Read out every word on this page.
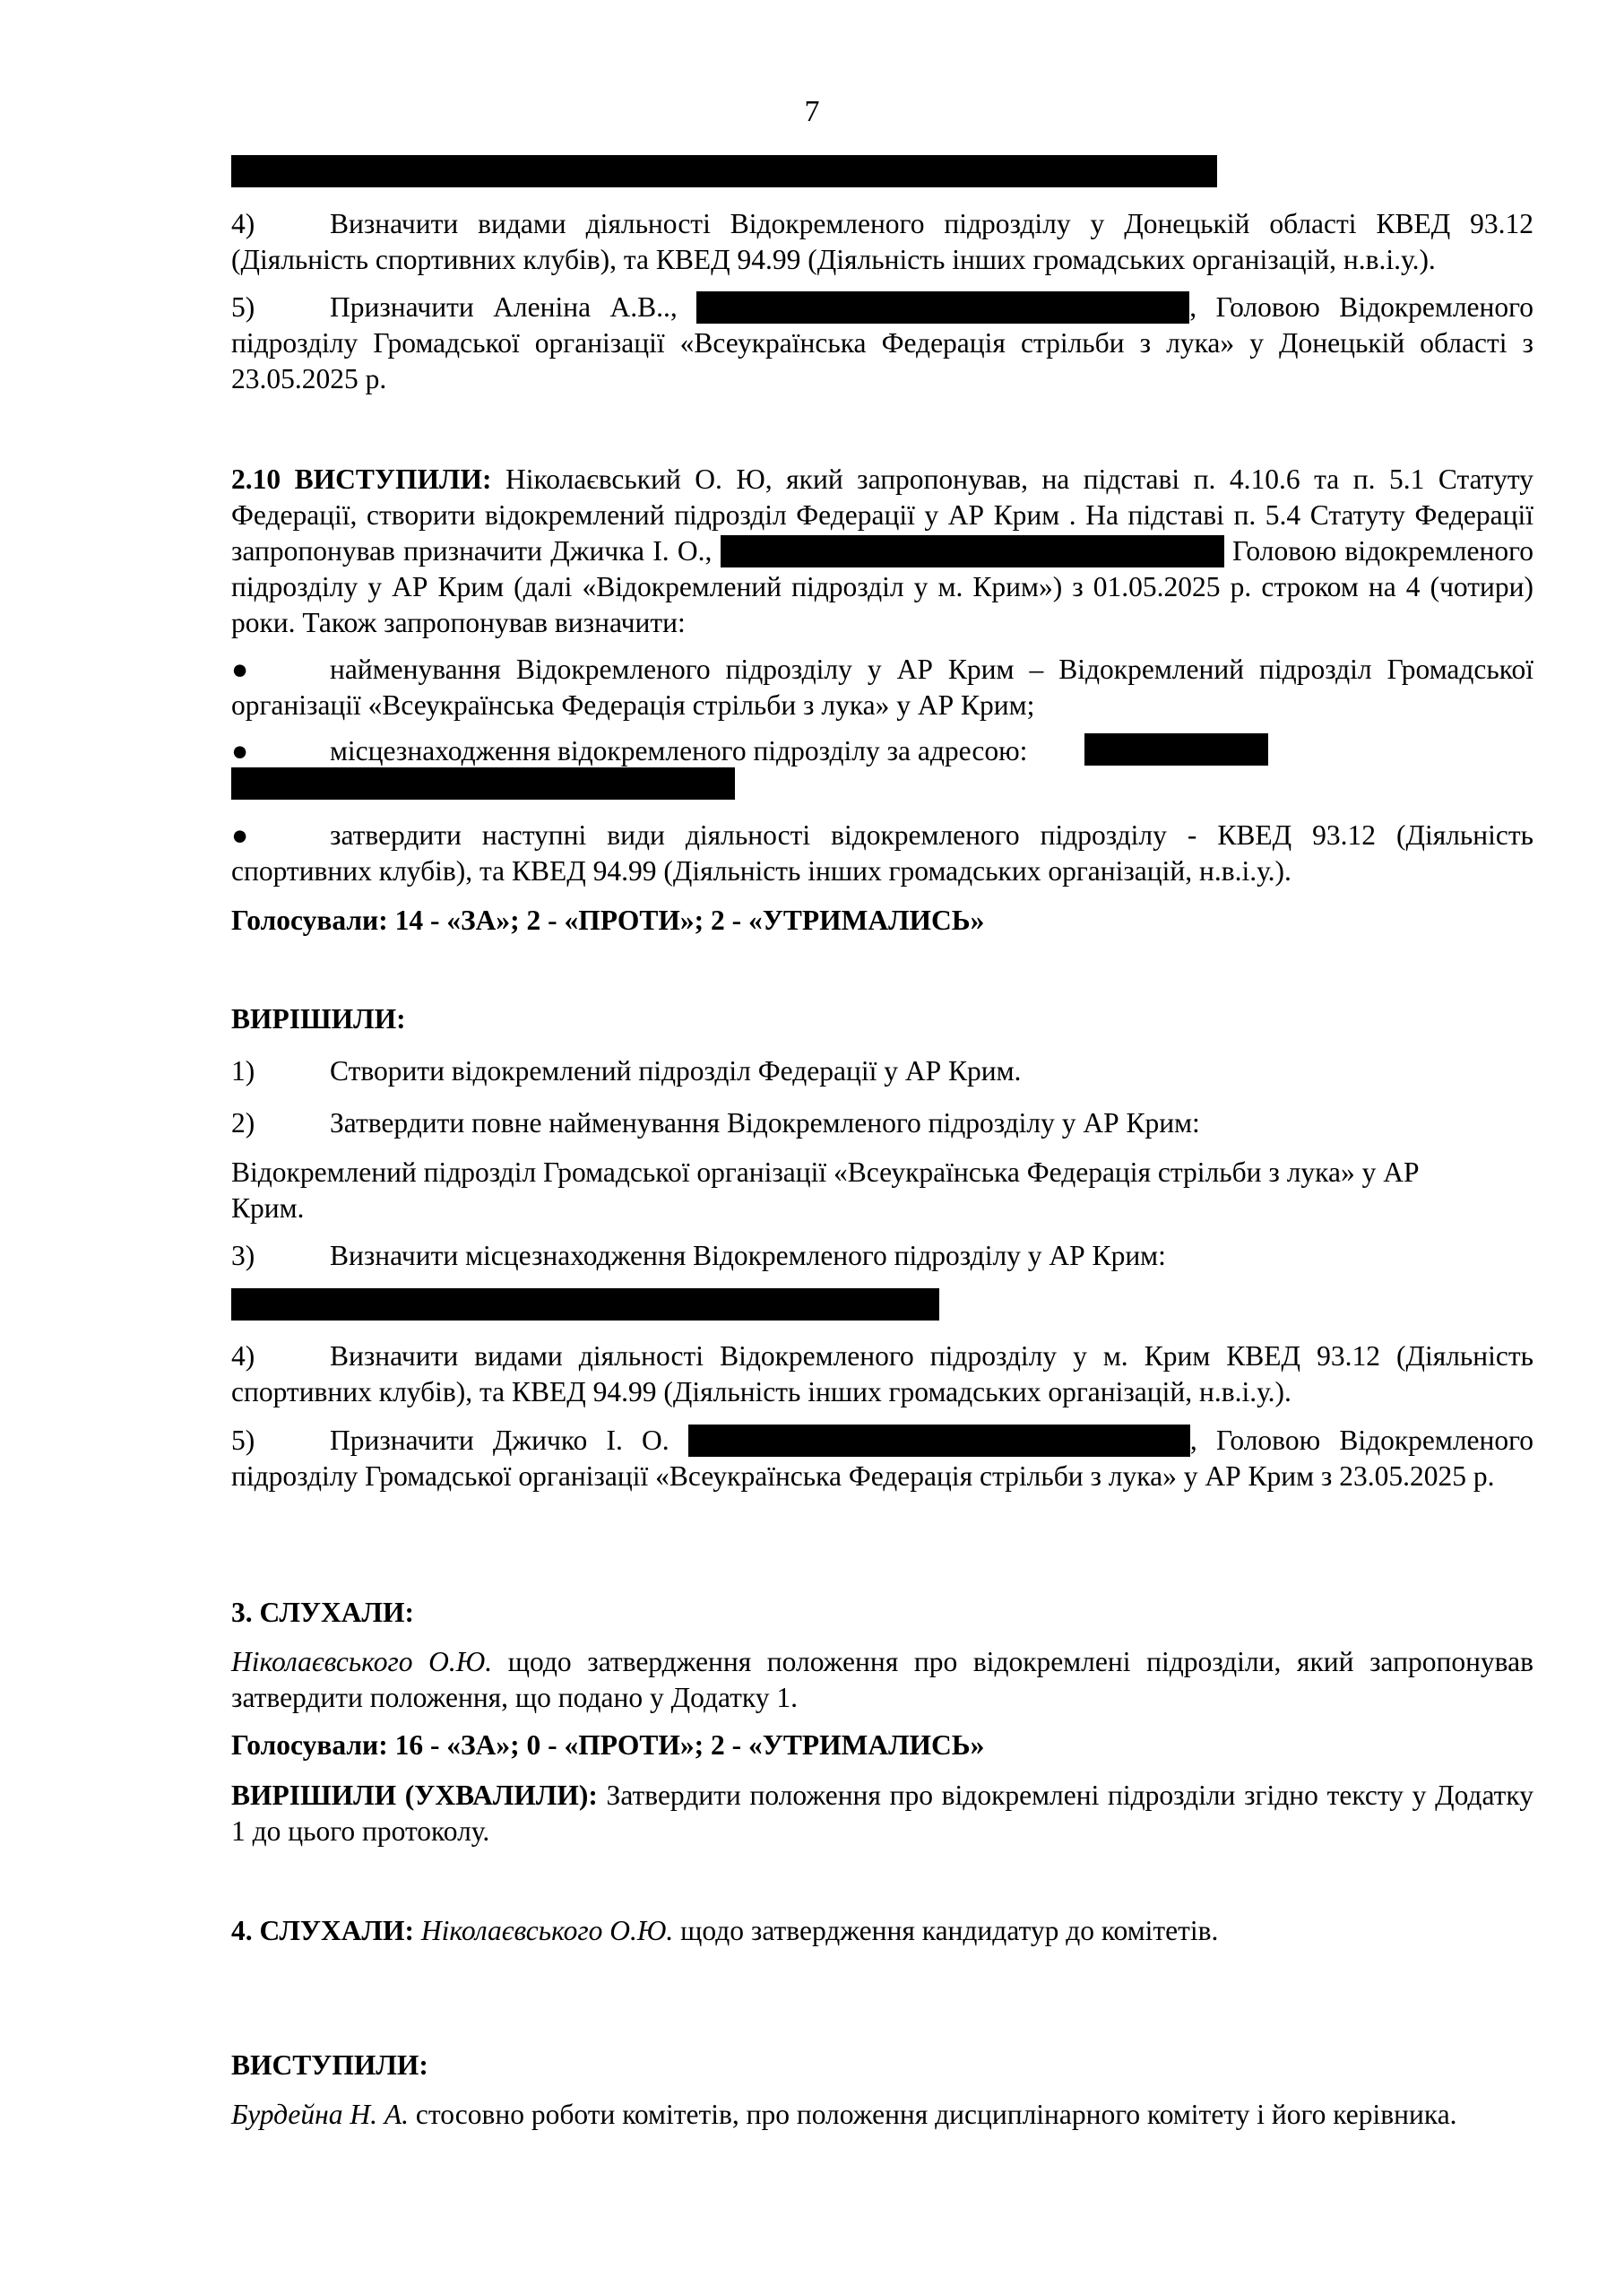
7

4)	Визначити видами діяльності Відокремленого підрозділу у Донецькій області КВЕД 93.12 (Діяльність спортивних клубів), та КВЕД 94.99 (Діяльність інших громадських організацій, н.в.і.у.).

5)	Призначити Аленіна А.В..,	, Головою Відокремленого підрозділу Громадської організації «Всеукраїнська Федерація стрільби з лука» у Донецькій області з 23.05.2025 р.

2.10 ВИСТУПИЛИ: Ніколаєвський О. Ю, який запропонував, на підставі п. 4.10.6 та п. 5.1 Статуту Федерації, створити відокремлений підрозділ Федерації у АР Крим . На підставі п. 5.4 Статуту Федерації запропонував призначити Джичка І. О.,	Головою відокремленого підрозділу у АР Крим (далі «Відокремлений підрозділ у м. Крим») з 01.05.2025 р. строком на 4 (чотири) роки. Також запропонував визначити:

●	найменування Відокремленого підрозділу у АР Крим – Відокремлений підрозділ Громадської організації «Всеукраїнська Федерація стрільби з лука» у АР Крим;

●	місцезнаходження відокремленого підрозділу за адресою:

●	затвердити наступні види діяльності відокремленого підрозділу - КВЕД 93.12 (Діяльність спортивних клубів), та КВЕД 94.99 (Діяльність інших громадських організацій, н.в.і.у.).

Голосували: 14 - «ЗА»; 2 - «ПРОТИ»; 2 - «УТРИМАЛИСЬ»

ВИРІШИЛИ:

1)	Створити відокремлений підрозділ Федерації у АР Крим.

2)	Затвердити повне найменування Відокремленого підрозділу у АР Крим:

Відокремлений підрозділ Громадської організації «Всеукраїнська Федерація стрільби з лука» у АР Крим.

3)	Визначити місцезнаходження Відокремленого підрозділу у АР Крим:

4)	Визначити видами діяльності Відокремленого підрозділу у м. Крим КВЕД 93.12 (Діяльність спортивних клубів), та КВЕД 94.99 (Діяльність інших громадських організацій, н.в.і.у.).

5)	Призначити Джичко І. О.	, Головою Відокремленого підрозділу Громадської організації «Всеукраїнська Федерація стрільби з лука» у АР Крим з 23.05.2025 р.

3. СЛУХАЛИ:

Ніколаєвського О.Ю. щодо затвердження положення про відокремлені підрозділи, який запропонував затвердити положення, що подано у Додатку 1.

Голосували: 16 - «ЗА»; 0 - «ПРОТИ»; 2 - «УТРИМАЛИСЬ»

ВИРІШИЛИ (УХВАЛИЛИ): Затвердити положення про відокремлені підрозділи згідно тексту у Додатку 1 до цього протоколу.

4. СЛУХАЛИ: Ніколаєвського О.Ю. щодо затвердження кандидатур до комітетів.

ВИСТУПИЛИ:

Бурдейна Н. А. стосовно роботи комітетів, про положення дисциплінарного комітету і його керівника.
